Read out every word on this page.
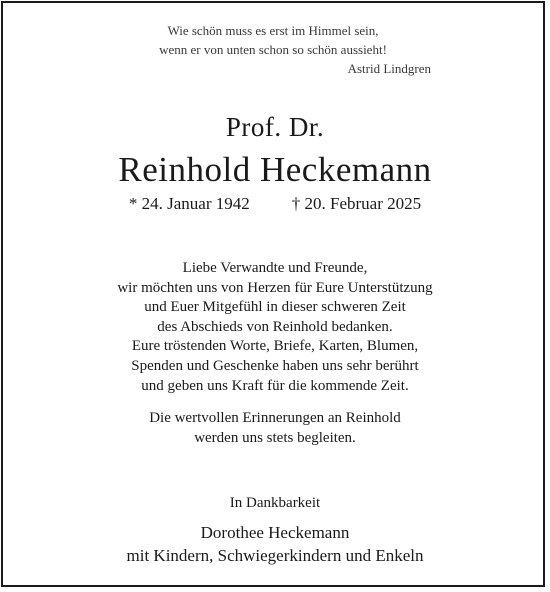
Wie schön muss es erst im Himmel sein,
wenn er von unten schon so schön aussieht!
Astrid Lindgren
Prof. Dr.
Reinhold Heckemann
* 24. Januar 1942 † 20. Februar 2025
Liebe Verwandte und Freunde,
wir möchten uns von Herzen für Eure Unterstützung
und Euer Mitgefühl in dieser schweren Zeit
des Abschieds von Reinhold bedanken.
Eure tröstenden Worte, Briefe, Karten, Blumen,
Spenden und Geschenke haben uns sehr berührt
und geben uns Kraft für die kommende Zeit.
Die wertvollen Erinnerungen an Reinhold
werden uns stets begleiten.
In Dankbarkeit
Dorothee Heckemann
mit Kindern, Schwiegerkindern und Enkeln
